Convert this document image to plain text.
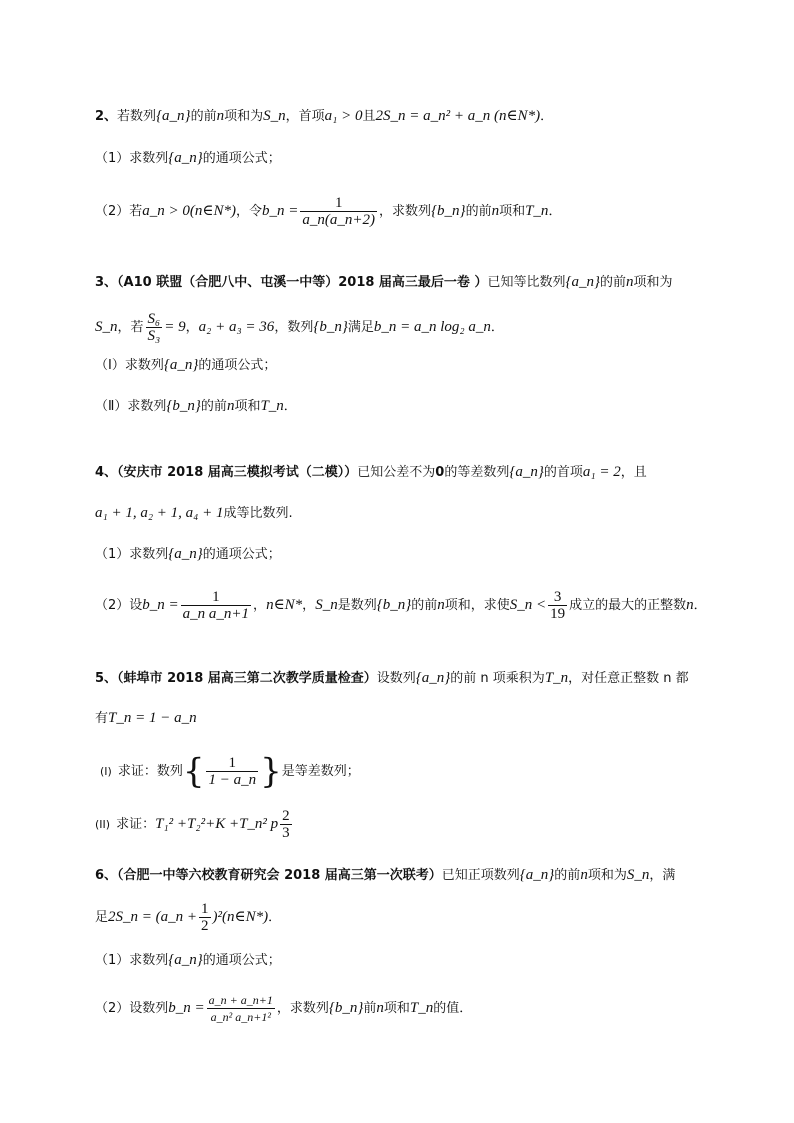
2、若数列{a_n}的前n项和为S_n，首项a₁ > 0且2S_n = a_n² + a_n (n∈N*)．
（1）求数列{a_n}的通项公式；
（2）若a_n > 0(n∈N*)，令b_n = $\frac{1}{a\_n(a\_n+2)}$ ，求数列{b_n}的前n项和T_n．
3、（A10 联盟（合肥八中、屯溪一中等）2018 届高三最后一卷 ）已知等比数列{a_n}的前n项和为
S_n，若 $\frac{\text{S₆}}{\text{S₃}} = 9$，a₂ + a₃ = 36，数列{b_n}满足b_n = a_n log₂ a_n．
（Ⅰ）求数列{a_n}的通项公式；
（Ⅱ）求数列{b_n}的前n项和T_n．
4、（安庆市 2018 届高三模拟考试（二模））已知公差不为0的等差数列{a_n}的首项a₁ = 2，且
a₁ + 1, a₂ + 1, a₄ + 1成等比数列.
（1）求数列{a_n}的通项公式；
（2）设b_n = $\frac{1}{\text{a\_n a\_n+1}}$ ，n∈N*，S_n是数列{b_n}的前n项和，求使S_n < $\frac{3}{19}$ 成立的最大的正整数n．
5、（蚌埠市 2018 届高三第二次教学质量检查）设数列{a_n}的前 n 项乘积为T_n，对任意正整数 n 都
有T_n = 1 − a_n
(I) 求证：数列{ $\frac{1}{1 - a\_n}$ }是等差数列；
(II) 求证：T₁² +T₂²+K +T_n² p $\frac{2}{3}$
6、（合肥一中等六校教育研究会 2018 届高三第一次联考）已知正项数列{a_n}的前n项和为S_n，满
足2S_n = (a_n + $\frac{1}{2}$ )²(n∈N*)．
（1）求数列{a_n}的通项公式；
（2）设数列b_n = $\frac{a\_n + a\_n+1}{\text{a\_n² a\_n+1²}}$ ，求数列{b_n}前n项和T_n的值．
